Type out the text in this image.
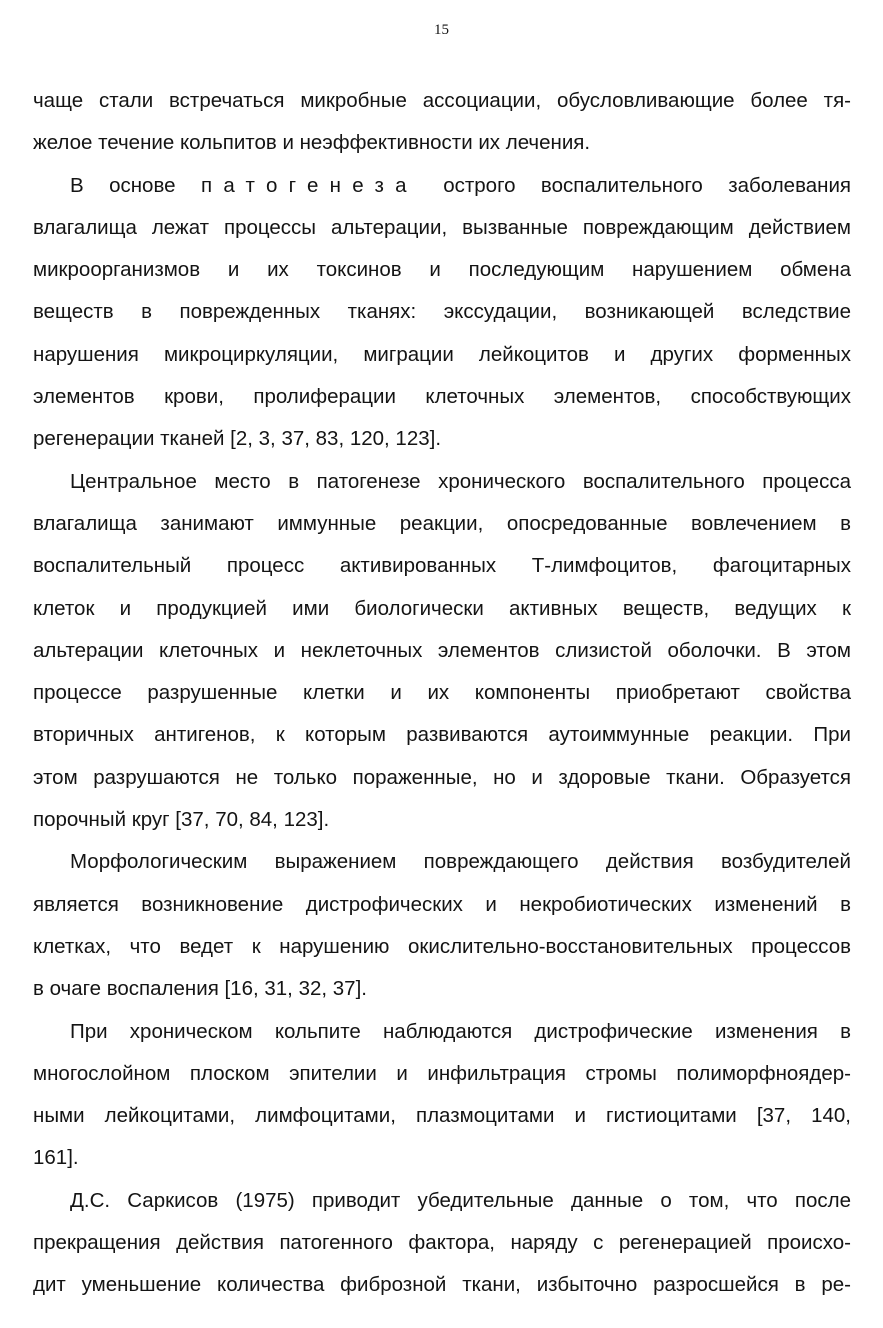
15
чаще стали встречаться микробные ассоциации, обусловливающие более тя-
желое течение кольпитов и неэффективности их лечения.
В основе патогенеза острого воспалительного заболевания
влагалища лежат процессы альтерации, вызванные повреждающим действием
микроорганизмов и их токсинов и последующим нарушением обмена
веществ в поврежденных тканях: экссудации, возникающей вследствие
нарушения микроциркуляции, миграции лейкоцитов и других форменных
элементов крови, пролиферации клеточных элементов, способствующих
регенерации тканей [2, 3, 37, 83, 120, 123].
Центральное место в патогенезе хронического воспалительного процесса
влагалища занимают иммунные реакции, опосредованные вовлечением в
воспалительный процесс активированных Т-лимфоцитов, фагоцитарных
клеток и продукцией ими биологически активных веществ, ведущих к
альтерации клеточных и неклеточных элементов слизистой оболочки. В этом
процессе разрушенные клетки и их компоненты приобретают свойства
вторичных антигенов, к которым развиваются аутоиммунные реакции. При
этом разрушаются не только пораженные, но и здоровые ткани. Образуется
порочный круг [37, 70, 84, 123].
Морфологическим выражением повреждающего действия возбудителей
является возникновение дистрофических и некробиотических изменений в
клетках, что ведет к нарушению окислительно-восстановительных процессов
в очаге воспаления [16, 31, 32, 37].
При хроническом кольпите наблюдаются дистрофические изменения в
многослойном плоском эпителии и инфильтрация стромы полиморфноядер-
ными лейкоцитами, лимфоцитами, плазмоцитами и гистиоцитами [37, 140,
161].
Д.С. Саркисов (1975) приводит убедительные данные о том, что после
прекращения действия патогенного фактора, наряду с регенерацией происхо-
дит уменьшение количества фиброзной ткани, избыточно разросшейся в ре-
